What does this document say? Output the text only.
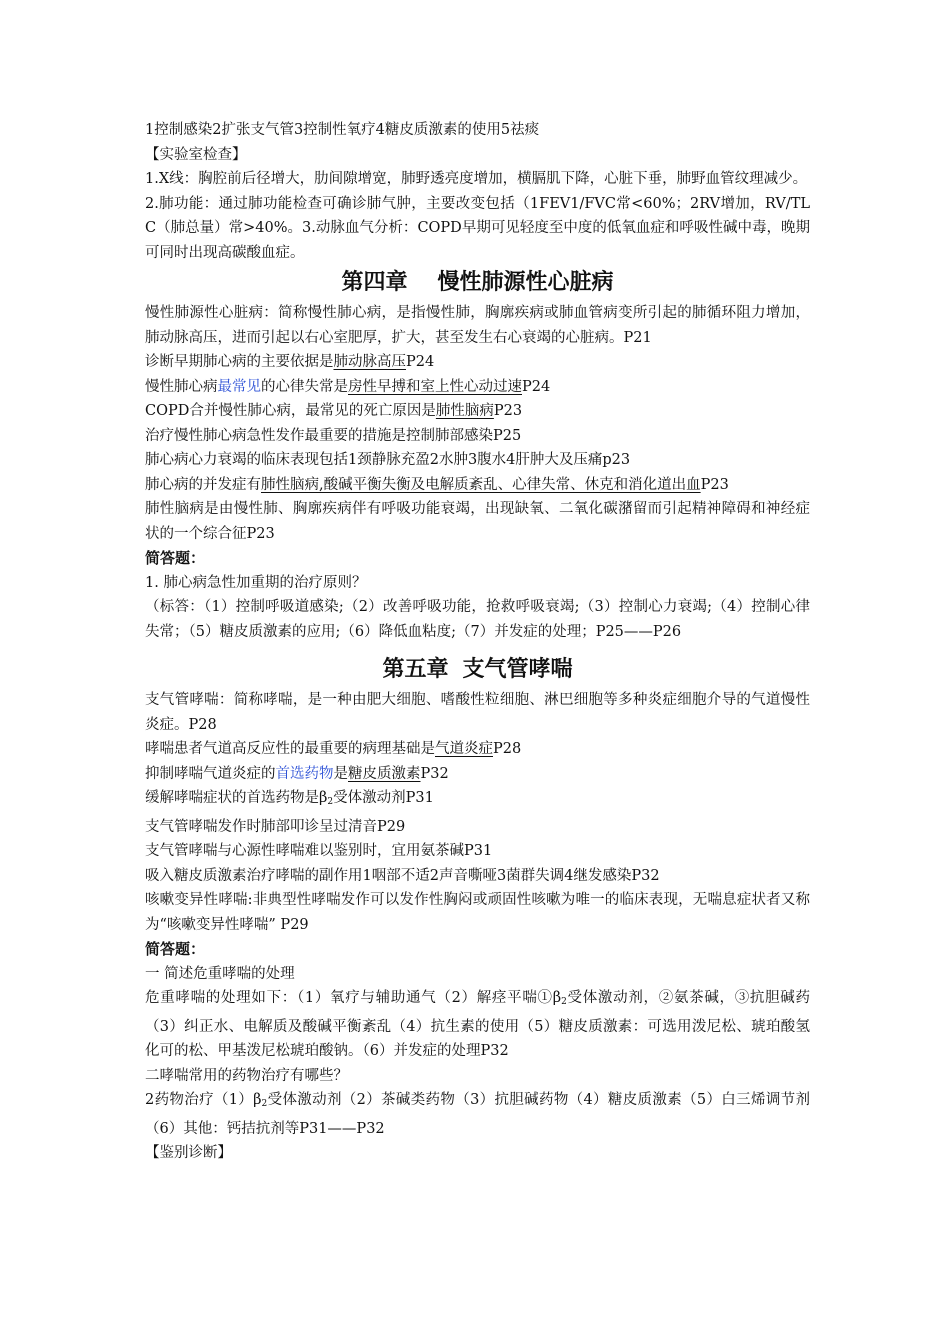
1控制感染2扩张支气管3控制性氧疗4糖皮质激素的使用5祛痰

【实验室检查】

1.X线：胸腔前后径增大，肋间隙增宽，肺野透亮度增加，横膈肌下降，心脏下垂，肺野血管纹理减少。

2.肺功能：通过肺功能检查可确诊肺气肿，主要改变包括（1FEV1/FVC常<60%；2RV增加，RV/TLC（肺总量）常>40%。3.动脉血气分析：COPD早期可见轻度至中度的低氧血症和呼吸性碱中毒，晚期可同时出现高碳酸血症。

第四章 慢性肺源性心脏病

慢性肺源性心脏病：简称慢性肺心病，是指慢性肺，胸廓疾病或肺血管病变所引起的肺循环阻力增加，肺动脉高压，进而引起以右心室肥厚，扩大，甚至发生右心衰竭的心脏病。P21

诊断早期肺心病的主要依据是肺动脉高压P24

慢性肺心病最常见的心律失常是房性早搏和室上性心动过速P24

COPD合并慢性肺心病，最常见的死亡原因是肺性脑病P23

治疗慢性肺心病急性发作最重要的措施是控制肺部感染P25

肺心病心力衰竭的临床表现包括1颈静脉充盈2水肿3腹水4肝肿大及压痛p23

肺心病的并发症有肺性脑病,酸碱平衡失衡及电解质紊乱、心律失常、休克和消化道出血P23

肺性脑病是由慢性肺、胸廓疾病伴有呼吸功能衰竭，出现缺氧、二氧化碳潴留而引起精神障碍和神经症状的一个综合征P23

简答题：

1. 肺心病急性加重期的治疗原则？

（标答：（1）控制呼吸道感染;（2）改善呼吸功能，抢救呼吸衰竭;（3）控制心力衰竭;（4）控制心律失常；（5）糖皮质激素的应用;（6）降低血粘度;（7）并发症的处理；P25——P26

第五章 支气管哮喘

支气管哮喘：简称哮喘，是一种由肥大细胞、嗜酸性粒细胞、淋巴细胞等多种炎症细胞介导的气道慢性炎症。P28

哮喘患者气道高反应性的最重要的病理基础是气道炎症P28

抑制哮喘气道炎症的首选药物是糖皮质激素P32

缓解哮喘症状的首选药物是$\beta_2$受体激动剂P31

支气管哮喘发作时肺部叩诊呈过清音P29

支气管哮喘与心源性哮喘难以鉴别时，宜用氨茶碱P31

吸入糖皮质激素治疗哮喘的副作用1咽部不适2声音嘶哑3菌群失调4继发感染P32

咳嗽变异性哮喘:非典型性哮喘发作可以发作性胸闷或顽固性咳嗽为唯一的临床表现，无喘息症状者又称为“咳嗽变异性哮喘” P29

简答题：

一 简述危重哮喘的处理

危重哮喘的处理如下：（1）氧疗与辅助通气（2）解痉平喘$①\beta_2$受体激动剂，②氨茶碱，③抗胆碱药（3）纠正水、电解质及酸碱平衡紊乱（4）抗生素的使用（5）糖皮质激素：可选用泼尼松、琥珀酸氢化可的松、甲基泼尼松琥珀酸钠。（6）并发症的处理P32

二哮喘常用的药物治疗有哪些？

2药物治疗$(1)\beta_2$受体激动剂（2）茶碱类药物（3）抗胆碱药物（4）糖皮质激素（5）白三烯调节剂（6）其他：钙拮抗剂等P31——P32

【鉴别诊断】
